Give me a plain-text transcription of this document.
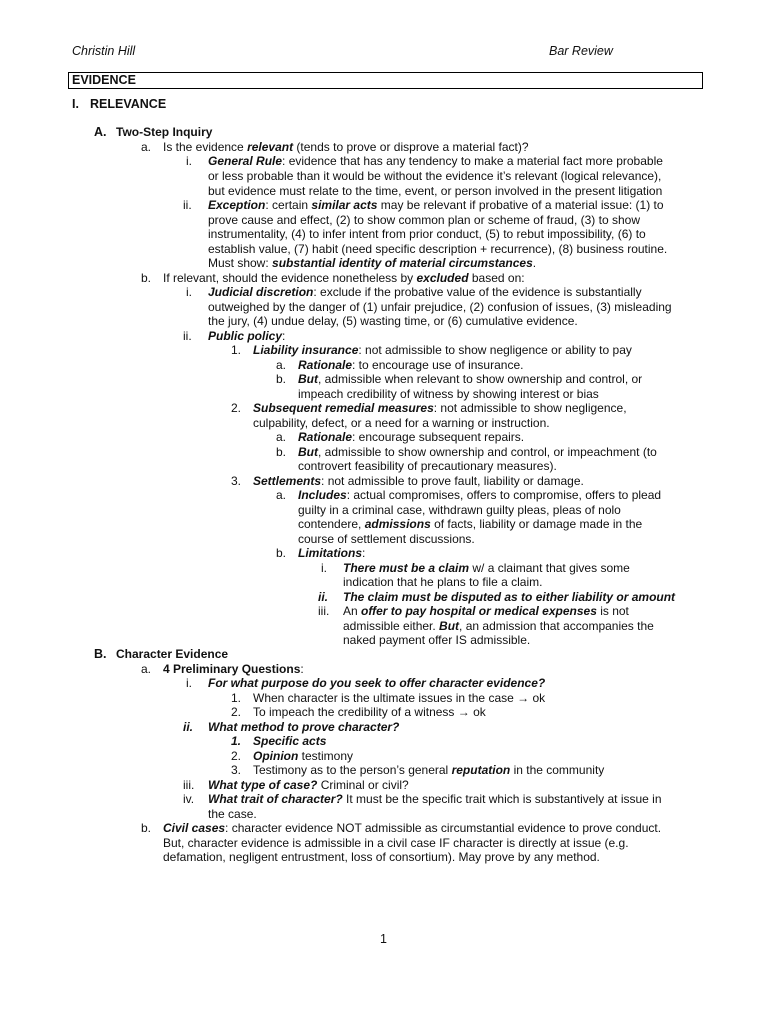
Christin Hill	Bar Review
EVIDENCE
I. RELEVANCE
A. Two-Step Inquiry
a. Is the evidence relevant (tends to prove or disprove a material fact)?
i. General Rule: evidence that has any tendency to make a material fact more probable
or less probable than it would be without the evidence it’s relevant (logical relevance),
but evidence must relate to the time, event, or person involved in the present litigation
ii. Exception: certain similar acts may be relevant if probative of a material issue: (1) to
prove cause and effect, (2) to show common plan or scheme of fraud, (3) to show
instrumentality, (4) to infer intent from prior conduct, (5) to rebut impossibility, (6) to
establish value, (7) habit (need specific description + recurrence), (8) business routine.
Must show: substantial identity of material circumstances.
b. If relevant, should the evidence nonetheless by excluded based on:
i. Judicial discretion: exclude if the probative value of the evidence is substantially
outweighed by the danger of (1) unfair prejudice, (2) confusion of issues, (3) misleading
the jury, (4) undue delay, (5) wasting time, or (6) cumulative evidence.
ii. Public policy:
1. Liability insurance: not admissible to show negligence or ability to pay
a. Rationale: to encourage use of insurance.
b. But, admissible when relevant to show ownership and control, or
impeach credibility of witness by showing interest or bias
2. Subsequent remedial measures: not admissible to show negligence,
culpability, defect, or a need for a warning or instruction.
a. Rationale: encourage subsequent repairs.
b. But, admissible to show ownership and control, or impeachment (to
controvert feasibility of precautionary measures).
3. Settlements: not admissible to prove fault, liability or damage.
a. Includes: actual compromises, offers to compromise, offers to plead
guilty in a criminal case, withdrawn guilty pleas, pleas of nolo
contendere, admissions of facts, liability or damage made in the
course of settlement discussions.
b. Limitations:
i. There must be a claim w/ a claimant that gives some
indication that he plans to file a claim.
ii. The claim must be disputed as to either liability or amount
iii. An offer to pay hospital or medical expenses is not
admissible either. But, an admission that accompanies the
naked payment offer IS admissible.
B. Character Evidence
a. 4 Preliminary Questions:
i. For what purpose do you seek to offer character evidence?
1. When character is the ultimate issues in the case → ok
2. To impeach the credibility of a witness → ok
ii. What method to prove character?
1. Specific acts
2. Opinion testimony
3. Testimony as to the person’s general reputation in the community
iii. What type of case? Criminal or civil?
iv. What trait of character? It must be the specific trait which is substantively at issue in
the case.
b. Civil cases: character evidence NOT admissible as circumstantial evidence to prove conduct.
But, character evidence is admissible in a civil case IF character is directly at issue (e.g.
defamation, negligent entrustment, loss of consortium). May prove by any method.
1
